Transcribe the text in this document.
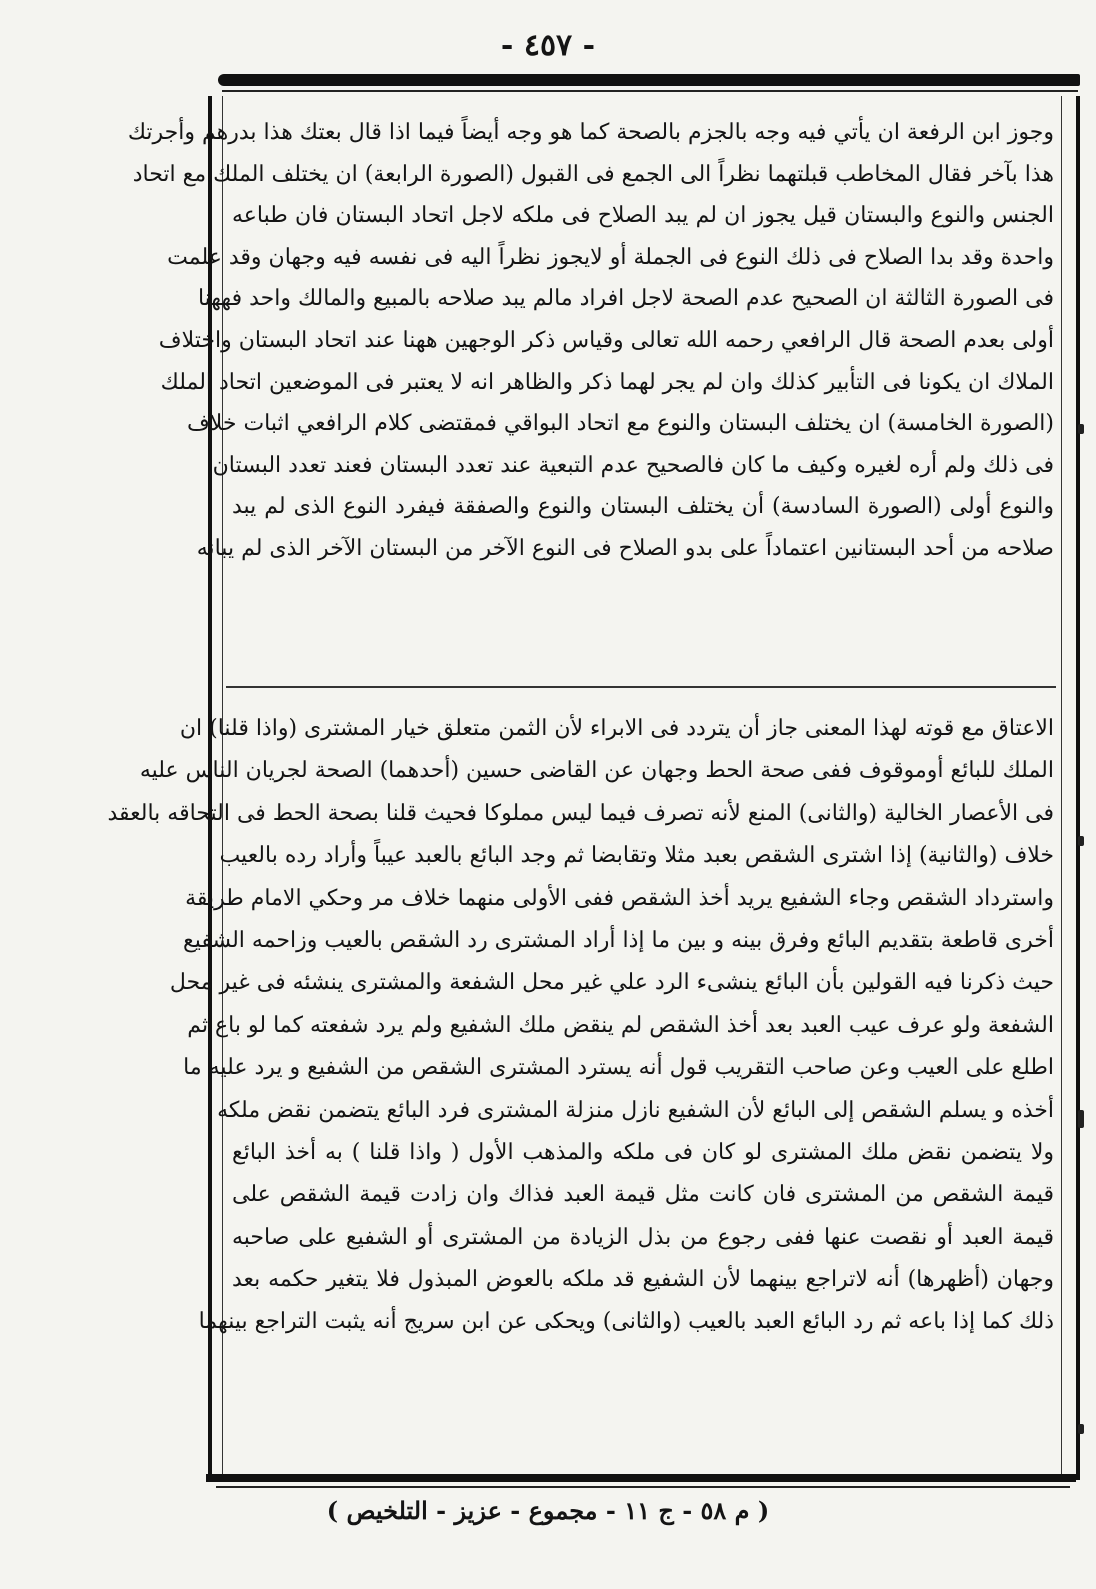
- ٤٥٧ -
وجوز ابن الرفعة ان يأتي فيه وجه بالجزم بالصحة كما هو وجه أيضاً فيما اذا قال بعتك هذا بدرهم وأجرتك
هذا بآخر فقال المخاطب قبلتهما نظراً الى الجمع فى القبول (الصورة الرابعة) ان يختلف الملك مع اتحاد
الجنس والنوع والبستان قيل يجوز ان لم يبد الصلاح فى ملكه لاجل اتحاد البستان فان طباعه
واحدة وقد بدا الصلاح فى ذلك النوع فى الجملة أو لايجوز نظراً اليه فى نفسه فيه وجهان وقد علمت
فى الصورة الثالثة ان الصحيح عدم الصحة لاجل افراد مالم يبد صلاحه بالمبيع والمالك واحد فههنا
أولى بعدم الصحة قال الرافعي رحمه الله تعالى وقياس ذكر الوجهين ههنا عند اتحاد البستان واختلاف
الملاك ان يكونا فى التأبير كذلك وان لم يجر لهما ذكر والظاهر انه لا يعتبر فى الموضعين اتحاد الملك
(الصورة الخامسة) ان يختلف البستان والنوع مع اتحاد البواقي فمقتضى كلام الرافعي اثبات خلاف
فى ذلك ولم أره لغيره وكيف ما كان فالصحيح عدم التبعية عند تعدد البستان فعند تعدد البستان
والنوع أولى (الصورة السادسة) أن يختلف البستان والنوع والصفقة فيفرد النوع الذى لم يبد
صلاحه من أحد البستانين اعتماداً على بدو الصلاح فى النوع الآخر من البستان الآخر الذى لم يبانه
الاعتاق مع قوته لهذا المعنى جاز أن يتردد فى الابراء لأن الثمن متعلق خيار المشترى (واذا قلنا) ان
الملك للبائع أوموقوف ففى صحة الحط وجهان عن القاضى حسين (أحدهما) الصحة لجريان الناس عليه
فى الأعصار الخالية (والثانى) المنع لأنه تصرف فيما ليس مملوكا فحيث قلنا بصحة الحط فى التحاقه بالعقد
خلاف (والثانية) إذا اشترى الشقص بعبد مثلا وتقابضا ثم وجد البائع بالعبد عيباً وأراد رده بالعيب
واسترداد الشقص وجاء الشفيع يريد أخذ الشقص ففى الأولى منهما خلاف مر وحكي الامام طريقة
أخرى قاطعة بتقديم البائع وفرق بينه و بين ما إذا أراد المشترى رد الشقص بالعيب وزاحمه الشفيع
حيث ذكرنا فيه القولين بأن البائع ينشىء الرد علي غير محل الشفعة والمشترى ينشئه فى غير محل
الشفعة ولو عرف عيب العبد بعد أخذ الشقص لم ينقض ملك الشفيع ولم يرد شفعته كما لو باع ثم
اطلع على العيب وعن صاحب التقريب قول أنه يسترد المشترى الشقص من الشفيع و يرد عليه ما
أخذه و يسلم الشقص إلى البائع لأن الشفيع نازل منزلة المشترى فرد البائع يتضمن نقض ملكه
ولا يتضمن نقض ملك المشترى لو كان فى ملكه والمذهب الأول ( واذا قلنا ) به أخذ البائع
قيمة الشقص من المشترى فان كانت مثل قيمة العبد فذاك وان زادت قيمة الشقص على
قيمة العبد أو نقصت عنها ففى رجوع من بذل الزيادة من المشترى أو الشفيع على صاحبه
وجهان (أظهرها) أنه لاتراجع بينهما لأن الشفيع قد ملكه بالعوض المبذول فلا يتغير حكمه بعد
ذلك كما إذا باعه ثم رد البائع العبد بالعيب (والثانى) ويحكى عن ابن سريج أنه يثبت التراجع بينهما
( م ٥٨ - ج ١١ - مجموع - عزيز - التلخيص )
